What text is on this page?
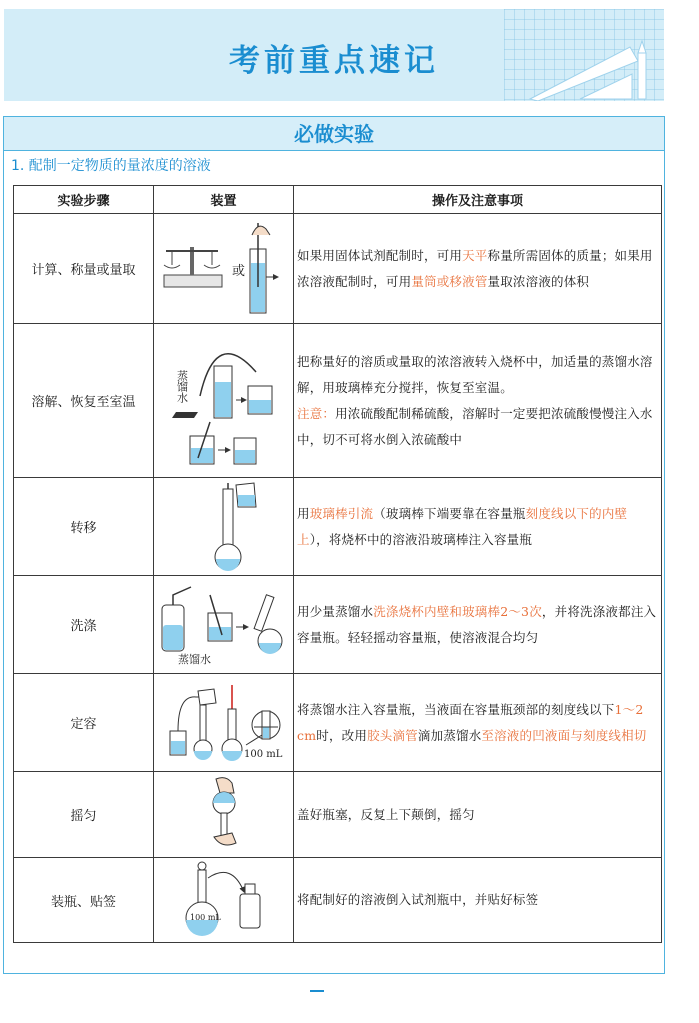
考前重点速记
必做实验
1. 配制一定物质的量浓度的溶液
实验步骤	装置	操作及注意事项
计算、称量或量取	或	如果用固体试剂配制时，可用天平称量所需固体的质量；如果用浓溶液配制时，可用量筒或移液管量取浓溶液的体积
溶解、恢复至室温	蒸馏水	把称量好的溶质或量取的浓溶液转入烧杯中，加适量的蒸馏水溶解，用玻璃棒充分搅拌，恢复至室温。
注意：用浓硫酸配制稀硫酸，溶解时一定要把浓硫酸慢慢注入水中，切不可将水倒入浓硫酸中
转移		用玻璃棒引流（玻璃棒下端要靠在容量瓶刻度线以下的内壁上），将烧杯中的溶液沿玻璃棒注入容量瓶
洗涤	蒸馏水	用少量蒸馏水洗涤烧杯内壁和玻璃棒2～3次，并将洗涤液都注入容量瓶。轻轻摇动容量瓶，使溶液混合均匀
定容	100 mL	将蒸馏水注入容量瓶，当液面在容量瓶颈部的刻度线以下1～2 cm时，改用胶头滴管滴加蒸馏水至溶液的凹液面与刻度线相切
摇匀		盖好瓶塞，反复上下颠倒，摇匀
装瓶、贴签	100 mL	将配制好的溶液倒入试剂瓶中，并贴好标签
